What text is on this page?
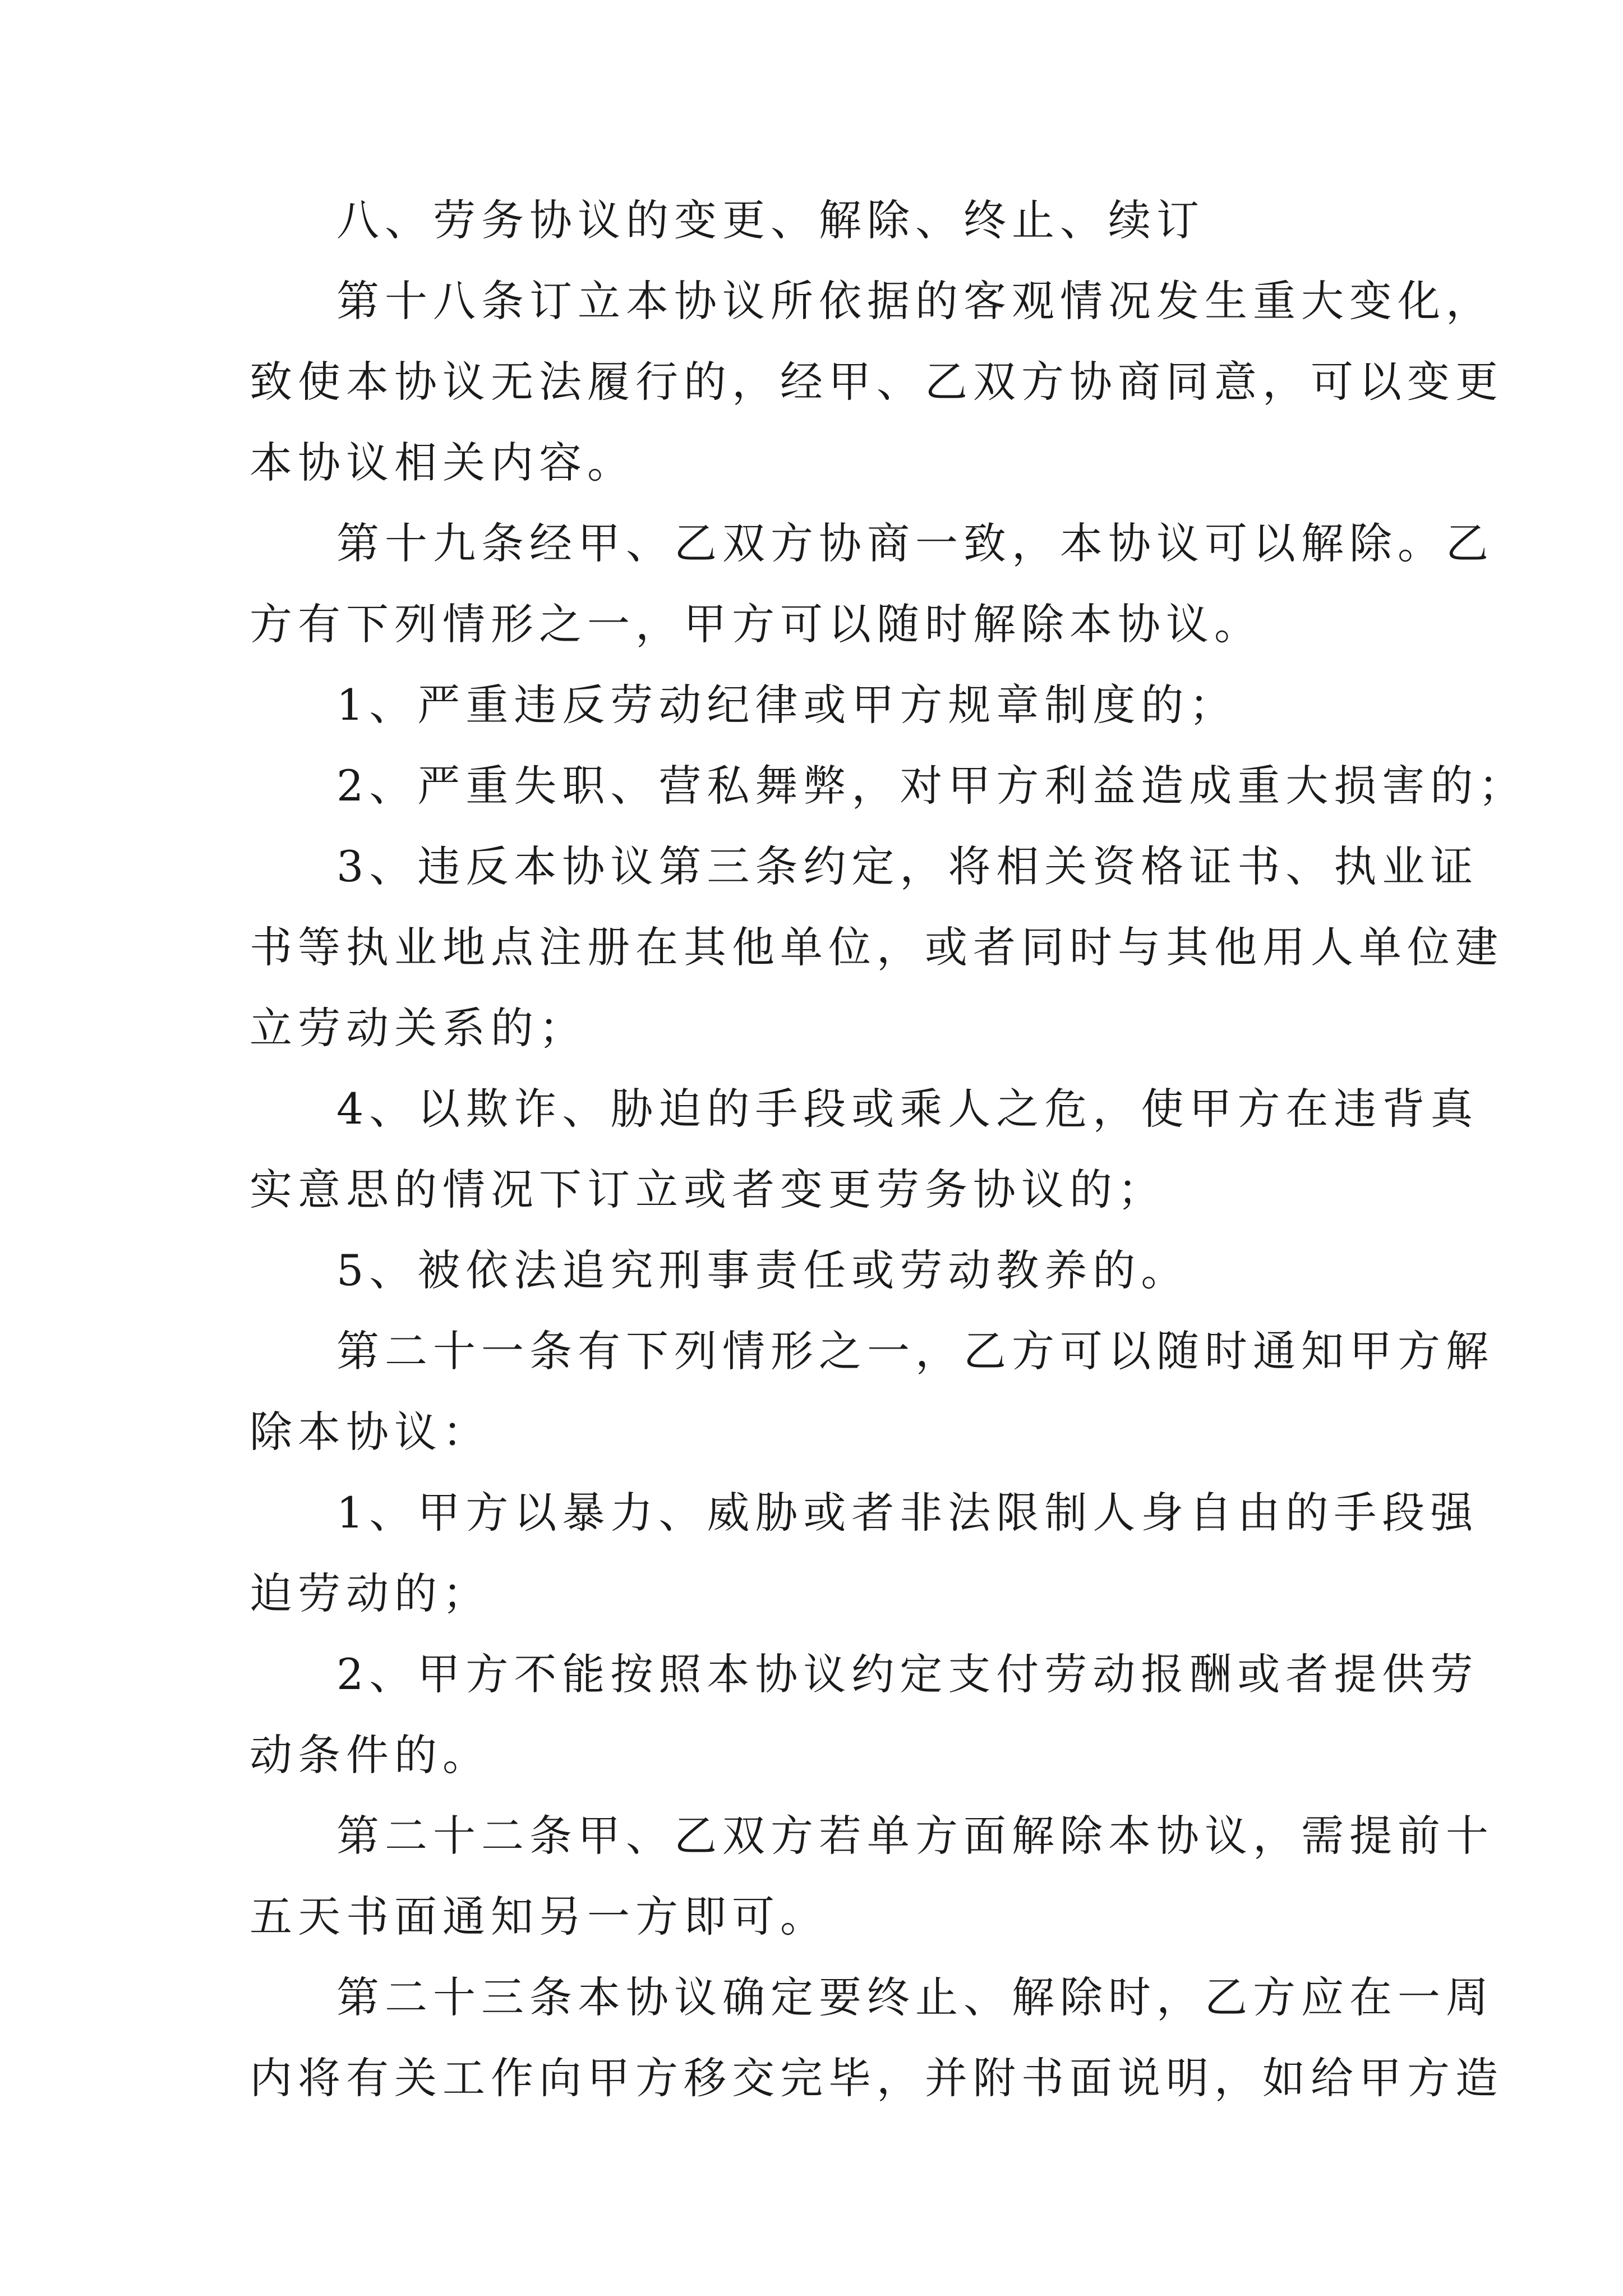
八、劳务协议的变更、解除、终止、续订
第十八条订立本协议所依据的客观情况发生重大变化，
致使本协议无法履行的，经甲、乙双方协商同意，可以变更
本协议相关内容。
第十九条经甲、乙双方协商一致，本协议可以解除。乙
方有下列情形之一，甲方可以随时解除本协议。
1、严重违反劳动纪律或甲方规章制度的；
2、严重失职、营私舞弊，对甲方利益造成重大损害的；
3、违反本协议第三条约定，将相关资格证书、执业证
书等执业地点注册在其他单位，或者同时与其他用人单位建
立劳动关系的；
4、以欺诈、胁迫的手段或乘人之危，使甲方在违背真
实意思的情况下订立或者变更劳务协议的；
5、被依法追究刑事责任或劳动教养的。
第二十一条有下列情形之一，乙方可以随时通知甲方解
除本协议：
1、甲方以暴力、威胁或者非法限制人身自由的手段强
迫劳动的；
2、甲方不能按照本协议约定支付劳动报酬或者提供劳
动条件的。
第二十二条甲、乙双方若单方面解除本协议，需提前十
五天书面通知另一方即可。
第二十三条本协议确定要终止、解除时，乙方应在一周
内将有关工作向甲方移交完毕，并附书面说明，如给甲方造
